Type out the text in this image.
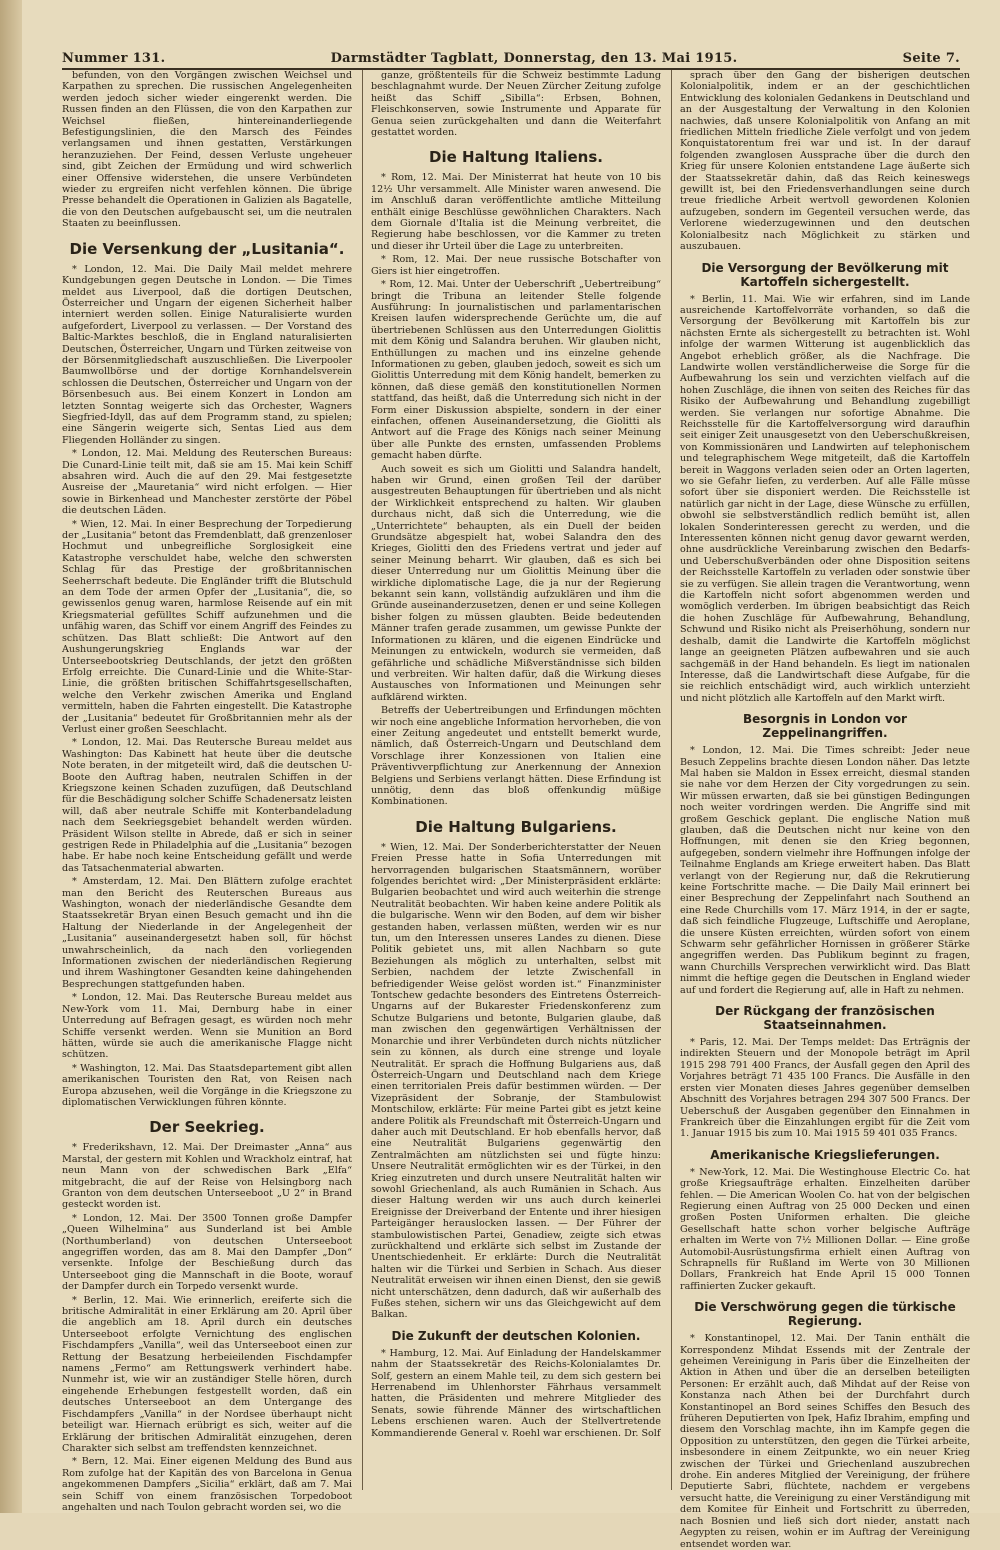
Nummer 131.	Darmstädter Tagblatt, Donnerstag, den 13. Mai 1915.	Seite 7.

befunden, von den Vorgängen zwischen Weichsel und Karpathen zu sprechen. Die russischen Angelegenheiten werden jedoch sicher wieder eingerenkt werden. Die Russen finden an den Flüssen, die von den Karpathen zur Weichsel fließen, hintereinanderliegende Befestigungslinien, die den Marsch des Feindes verlangsamen und ihnen gestatten, Verstärkungen heranzuziehen. Der Feind, dessen Verluste ungeheuer sind, gibt Zeichen der Ermüdung und wird schwerlich einer Offensive widerstehen, die unsere Verbündeten wieder zu ergreifen nicht verfehlen können. Die übrige Presse behandelt die Operationen in Galizien als Bagatelle, die von den Deutschen aufgebauscht sei, um die neutralen Staaten zu beeinflussen.

Die Versenkung der „Lusitania“.

* London, 12. Mai. Die Daily Mail meldet mehrere Kundgebungen gegen Deutsche in London. — Die Times meldet aus Liverpool, daß die dortigen Deutschen, Österreicher und Ungarn der eigenen Sicherheit halber interniert werden sollen. Einige Naturalisierte wurden aufgefordert, Liverpool zu verlassen. — Der Vorstand des Baltic-Marktes beschloß, die in England naturalisierten Deutschen, Österreicher, Ungarn und Türken zeitweise von der Börsenmitgliedschaft auszuschließen. Die Liverpooler Baumwollbörse und der dortige Kornhandelsverein schlossen die Deutschen, Österreicher und Ungarn von der Börsenbesuch aus. Bei einem Konzert in London am letzten Sonntag weigerte sich das Orchester, Wagners Siegfried-Idyll, das auf dem Programm stand, zu spielen; eine Sängerin weigerte sich, Sentas Lied aus dem Fliegenden Holländer zu singen.

* London, 12. Mai. Meldung des Reuterschen Bureaus: Die Cunard-Linie teilt mit, daß sie am 15. Mai kein Schiff absahren wird. Auch die auf den 29. Mai festgesetzte Ausreise der „Mauretania“ wird nicht erfolgen. — Hier sowie in Birkenhead und Manchester zerstörte der Pöbel die deutschen Läden.

* Wien, 12. Mai. In einer Besprechung der Torpedierung der „Lusitania“ betont das Fremdenblatt, daß grenzenloser Hochmut und unbegreifliche Sorglosigkeit eine Katastrophe verschuldet habe, welche den schwersten Schlag für das Prestige der großbritannischen Seeherrschaft bedeute. Die Engländer trifft die Blutschuld an dem Tode der armen Opfer der „Lusitania“, die, so gewissenlos genug waren, harmlose Reisende auf ein mit Kriegsmaterial gefülltes Schiff aufzunehmen und die unfähig waren, das Schiff vor einem Angriff des Feindes zu schützen. Das Blatt schließt: Die Antwort auf den Aushungerungskrieg Englands war der Unterseebootskrieg Deutschlands, der jetzt den größten Erfolg erreichte. Die Cunard-Linie und die White-Star-Linie, die größten britischen Schiffahrtsgesellschaften, welche den Verkehr zwischen Amerika und England vermitteln, haben die Fahrten eingestellt. Die Katastrophe der „Lusitania“ bedeutet für Großbritannien mehr als der Verlust einer großen Seeschlacht.

* London, 12. Mai. Das Reutersche Bureau meldet aus Washington: Das Kabinett hat heute über die deutsche Note beraten, in der mitgeteilt wird, daß die deutschen U-Boote den Auftrag haben, neutralen Schiffen in der Kriegszone keinen Schaden zuzufügen, daß Deutschland für die Beschädigung solcher Schiffe Schadenersatz leisten will, daß aber neutrale Schiffe mit Konterbandeladung nach dem Seekriegsgebiet behandelt werden würden. Präsident Wilson stellte in Abrede, daß er sich in seiner gestrigen Rede in Philadelphia auf die „Lusitania“ bezogen habe. Er habe noch keine Entscheidung gefällt und werde das Tatsachenmaterial abwarten.

* Amsterdam, 12. Mai. Den Blättern zufolge erachtet man den Bericht des Reuterschen Bureaus aus Washington, wonach der niederländische Gesandte dem Staatssekretär Bryan einen Besuch gemacht und ihn die Haltung der Niederlande in der Angelegenheit der „Lusitania“ auseinandergesetzt haben soll, für höchst unwahrscheinlich, da nach den vorliegenden Informationen zwischen der niederländischen Regierung und ihrem Washingtoner Gesandten keine dahingehenden Besprechungen stattgefunden haben.

* London, 12. Mai. Das Reutersche Bureau meldet aus New-York vom 11. Mai, Dernburg habe in einer Unterredung auf Befragen gesagt, es würden noch mehr Schiffe versenkt werden. Wenn sie Munition an Bord hätten, würde sie auch die amerikanische Flagge nicht schützen.

* Washington, 12. Mai. Das Staatsdepartement gibt allen amerikanischen Touristen den Rat, von Reisen nach Europa abzusehen, weil die Vorgänge in die Kriegszone zu diplomatischen Verwicklungen führen könnte.

Der Seekrieg.

* Frederikshavn, 12. Mai. Der Dreimaster „Anna“ aus Marstal, der gestern mit Kohlen und Wrackholz eintraf, hat neun Mann von der schwedischen Bark „Elfa“ mitgebracht, die auf der Reise von Helsingborg nach Granton von dem deutschen Unterseeboot „U 2“ in Brand gesteckt worden ist.

* London, 12. Mai. Der 3500 Tonnen große Dampfer „Queen Wilhelmina“ aus Sunderland ist bei Amble (Northumberland) von deutschen Unterseeboot angegriffen worden, das am 8. Mai den Dampfer „Don“ versenkte. Infolge der Beschießung durch das Unterseeboot ging die Mannschaft in die Boote, worauf der Dampfer durch ein Torpedo versenkt wurde.

* Berlin, 12. Mai. Wie erinnerlich, ereiferte sich die britische Admiralität in einer Erklärung am 20. April über die angeblich am 18. April durch ein deutsches Unterseeboot erfolgte Vernichtung des englischen Fischdampfers „Vanilla“, weil das Unterseeboot einen zur Rettung der Besatzung herbeieilenden Fischdampfer namens „Fermo“ am Rettungswerk verhindert habe. Nunmehr ist, wie wir an zuständiger Stelle hören, durch eingehende Erhebungen festgestellt worden, daß ein deutsches Unterseeboot an dem Untergange des Fischdampfers „Vanilla“ in der Nordsee überhaupt nicht beteiligt war. Hiernach erübrigt es sich, weiter auf die Erklärung der britischen Admiralität einzugehen, deren Charakter sich selbst am treffendsten kennzeichnet.

* Bern, 12. Mai. Einer eigenen Meldung des Bund aus Rom zufolge hat der Kapitän des von Barcelona in Genua angekommenen Dampfers „Sicilia“ erklärt, daß am 7. Mai sein Schiff von einem französischen Torpedoboot angehalten und nach Toulon gebracht worden sei, wo die

ganze, größtenteils für die Schweiz bestimmte Ladung beschlagnahmt wurde. Der Neuen Zürcher Zeitung zufolge heißt das Schiff „Sibilla“: Erbsen, Bohnen, Fleischkonserven, sowie Instrumente und Apparate für Genua seien zurückgehalten und dann die Weiterfahrt gestattet worden.

Die Haltung Italiens.

* Rom, 12. Mai. Der Ministerrat hat heute von 10 bis 12½ Uhr versammelt. Alle Minister waren anwesend. Die im Anschluß daran veröffentlichte amtliche Mitteilung enthält einige Beschlüsse gewöhnlichen Charakters. Nach dem Giornale d'Italia ist die Meinung verbreitet, die Regierung habe beschlossen, vor die Kammer zu treten und dieser ihr Urteil über die Lage zu unterbreiten.

* Rom, 12. Mai. Der neue russische Botschafter von Giers ist hier eingetroffen.

* Rom, 12. Mai. Unter der Ueberschrift „Uebertreibung“ bringt die Tribuna an leitender Stelle folgende Ausführung: In journalistischen und parlamentarischen Kreisen laufen widersprechende Gerüchte um, die auf übertriebenen Schlüssen aus den Unterredungen Giolittis mit dem König und Salandra beruhen. Wir glauben nicht, Enthüllungen zu machen und ins einzelne gehende Informationen zu geben, glauben jedoch, soweit es sich um Giolittis Unterredung mit dem König handelt, bemerken zu können, daß diese gemäß den konstitutionellen Normen stattfand, das heißt, daß die Unterredung sich nicht in der Form einer Diskussion abspielte, sondern in der einer einfachen, offenen Auseinandersetzung, die Giolitti als Antwort auf die Frage des Königs nach seiner Meinung über alle Punkte des ernsten, umfassenden Problems gemacht haben dürfte.

Auch soweit es sich um Giolitti und Salandra handelt, haben wir Grund, einen großen Teil der darüber ausgestreuten Behauptungen für übertrieben und als nicht der Wirklichkeit entsprechend zu halten. Wir glauben durchaus nicht, daß sich die Unterredung, wie die „Unterrichtete“ behaupten, als ein Duell der beiden Grundsätze abgespielt hat, wobei Salandra den des Krieges, Giolitti den des Friedens vertrat und jeder auf seiner Meinung beharrt. Wir glauben, daß es sich bei dieser Unterredung nur um Giolittis Meinung über die wirkliche diplomatische Lage, die ja nur der Regierung bekannt sein kann, vollständig aufzuklären und ihm die Gründe auseinanderzusetzen, denen er und seine Kollegen bisher folgen zu müssen glaubten. Beide bedeutenden Männer trafen gerade zusammen, um gewisse Punkte der Informationen zu klären, und die eigenen Eindrücke und Meinungen zu entwickeln, wodurch sie vermeiden, daß gefährliche und schädliche Mißverständnisse sich bilden und verbreiten. Wir halten dafür, daß die Wirkung dieses Austausches von Informationen und Meinungen sehr aufklärend wirkten.

Betreffs der Uebertreibungen und Erfindungen möchten wir noch eine angebliche Information hervorheben, die von einer Zeitung angedeutet und entstellt bemerkt wurde, nämlich, daß Österreich-Ungarn und Deutschland dem Vorschlage ihrer Konzessionen von Italien eine Präventivverpflichtung zur Anerkennung der Annexion Belgiens und Serbiens verlangt hätten. Diese Erfindung ist unnötig, denn das bloß offenkundig müßige Kombinationen.

Die Haltung Bulgariens.

* Wien, 12. Mai. Der Sonderberichterstatter der Neuen Freien Presse hatte in Sofia Unterredungen mit hervorragenden bulgarischen Staatsmännern, worüber folgendes berichtet wird: „Der Ministerpräsident erklärte: Bulgarien beobachtet und wird auch weiterhin die strenge Neutralität beobachten. Wir haben keine andere Politik als die bulgarische. Wenn wir den Boden, auf dem wir bisher gestanden haben, verlassen müßten, werden wir es nur tun, um den Interessen unseres Landes zu dienen. Diese Politik gebietet uns, mit allen Nachbarn so gute Beziehungen als möglich zu unterhalten, selbst mit Serbien, nachdem der letzte Zwischenfall in befriedigender Weise gelöst worden ist.“ Finanzminister Tontschew gedachte besonders des Eintretens Österreich-Ungarns auf der Bukarester Friedenskonferenz zum Schutze Bulgariens und betonte, Bulgarien glaube, daß man zwischen den gegenwärtigen Verhältnissen der Monarchie und ihrer Verbündeten durch nichts nützlicher sein zu können, als durch eine strenge und loyale Neutralität. Er sprach die Hoffnung Bulgariens aus, daß Österreich-Ungarn und Deutschland nach dem Kriege einen territorialen Preis dafür bestimmen würden. — Der Vizepräsident der Sobranje, der Stambulowist Montschilow, erklärte: Für meine Partei gibt es jetzt keine andere Politik als Freundschaft mit Österreich-Ungarn und daher auch mit Deutschland. Er hob ebenfalls hervor, daß eine Neutralität Bulgariens gegenwärtig den Zentralmächten am nützlichsten sei und fügte hinzu: Unsere Neutralität ermöglichten wir es der Türkei, in den Krieg einzutreten und durch unsere Neutralität halten wir sowohl Griechenland, als auch Rumänien in Schach. Aus dieser Haltung werden wir uns auch durch keinerlei Ereignisse der Dreiverband der Entente und ihrer hiesigen Parteigänger herauslocken lassen. — Der Führer der stambulowistischen Partei, Genadiew, zeigte sich etwas zurückhaltend und erklärte sich selbst im Zustande der Unentschiedenheit. Er erklärte: Durch die Neutralität halten wir die Türkei und Serbien in Schach. Aus dieser Neutralität erweisen wir ihnen einen Dienst, den sie gewiß nicht unterschätzen, denn dadurch, daß wir außerhalb des Fußes stehen, sichern wir uns das Gleichgewicht auf dem Balkan.

Die Zukunft der deutschen Kolonien.

* Hamburg, 12. Mai. Auf Einladung der Handelskammer nahm der Staatssekretär des Reichs-Kolonialamtes Dr. Solf, gestern an einem Mahle teil, zu dem sich gestern bei Herrenabend im Uhlenhorster Fährhaus versammelt hatten, die Präsidenten und mehrere Mitglieder des Senats, sowie führende Männer des wirtschaftlichen Lebens erschienen waren. Auch der Stellvertretende Kommandierende General v. Roehl war erschienen. Dr. Solf

sprach über den Gang der bisherigen deutschen Kolonialpolitik, indem er an der geschichtlichen Entwicklung des kolonialen Gedankens in Deutschland und an der Ausgestaltung der Verwaltung in den Kolonien nachwies, daß unsere Kolonialpolitik von Anfang an mit friedlichen Mitteln friedliche Ziele verfolgt und von jedem Konquistatorentum frei war und ist. In der darauf folgenden zwanglosen Aussprache über die durch den Krieg für unsere Kolonien entstandene Lage äußerte sich der Staatssekretär dahin, daß das Reich keineswegs gewillt ist, bei den Friedensverhandlungen seine durch treue friedliche Arbeit wertvoll gewordenen Kolonien aufzugeben, sondern im Gegenteil versuchen werde, das Verlorene wiederzugewinnen und den deutschen Kolonialbesitz nach Möglichkeit zu stärken und auszubauen.

Die Versorgung der Bevölkerung mit Kartoffeln sichergestellt.

* Berlin, 11. Mai. Wie wir erfahren, sind im Lande ausreichende Kartoffelvorräte vorhanden, so daß die Versorgung der Bevölkerung mit Kartoffeln bis zur nächsten Ernte als sichergestellt zu betrachten ist. Wohl infolge der warmen Witterung ist augenblicklich das Angebot erheblich größer, als die Nachfrage. Die Landwirte wollen verständlicherweise die Sorge für die Aufbewahrung los sein und verzichten vielfach auf die hohen Zuschläge, die ihnen von seiten des Reiches für das Risiko der Aufbewahrung und Behandlung zugebilligt werden. Sie verlangen nur sofortige Abnahme. Die Reichsstelle für die Kartoffelversorgung wird daraufhin seit einiger Zeit unausgesetzt von den Ueberschußkreisen, von Kommissionären und Landwirten auf telephonischem und telegraphischem Wege mitgeteilt, daß die Kartoffeln bereit in Waggons verladen seien oder an Orten lagerten, wo sie Gefahr liefen, zu verderben. Auf alle Fälle müsse sofort über sie disponiert werden. Die Reichsstelle ist natürlich gar nicht in der Lage, diese Wünsche zu erfüllen, obwohl sie selbstverständlich redlich bemüht ist, allen lokalen Sonderinteressen gerecht zu werden, und die Interessenten können nicht genug davor gewarnt werden, ohne ausdrückliche Vereinbarung zwischen den Bedarfs- und Ueberschußverbänden oder ohne Disposition seitens der Reichsstelle Kartoffeln zu verladen oder sonstwie über sie zu verfügen. Sie allein tragen die Verantwortung, wenn die Kartoffeln nicht sofort abgenommen werden und womöglich verderben. Im übrigen beabsichtigt das Reich die hohen Zuschläge für Aufbewahrung, Behandlung, Schwund und Risiko nicht als Preiserhöhung, sondern nur deshalb, damit die Landwirte die Kartoffeln möglichst lange an geeigneten Plätzen aufbewahren und sie auch sachgemäß in der Hand behandeln. Es liegt im nationalen Interesse, daß die Landwirtschaft diese Aufgabe, für die sie reichlich entschädigt wird, auch wirklich unterzieht und nicht plötzlich alle Kartoffeln auf den Markt wirft.

Besorgnis in London vor Zeppelinangriffen.

* London, 12. Mai. Die Times schreibt: Jeder neue Besuch Zeppelins brachte diesen London näher. Das letzte Mal haben sie Maldon in Essex erreicht, diesmal standen sie nahe vor dem Herzen der City vorgedrungen zu sein. Wir müssen erwarten, daß sie bei günstigen Bedingungen noch weiter vordringen werden. Die Angriffe sind mit großem Geschick geplant. Die englische Nation muß glauben, daß die Deutschen nicht nur keine von den Hoffnungen, mit denen sie den Krieg begonnen, aufgegeben, sondern vielmehr ihre Hoffnungen infolge der Teilnahme Englands am Kriege erweitert haben. Das Blatt verlangt von der Regierung nur, daß die Rekrutierung keine Fortschritte mache. — Die Daily Mail erinnert bei einer Besprechung der Zeppelinfahrt nach Southend an eine Rede Churchills vom 17. März 1914, in der er sagte, daß sich feindliche Flugzeuge, Luftschiffe und Aeroplane, die unsere Küsten erreichten, würden sofort von einem Schwarm sehr gefährlicher Hornissen in größerer Stärke angegriffen werden. Das Publikum beginnt zu fragen, wann Churchills Versprechen verwirklicht wird. Das Blatt nimmt die heftige gegen die Deutschen in England wieder auf und fordert die Regierung auf, alle in Haft zu nehmen.

Der Rückgang der französischen Staatseinnahmen.

* Paris, 12. Mai. Der Temps meldet: Das Erträgnis der indirekten Steuern und der Monopole beträgt im April 1915 298 791 400 Francs, der Ausfall gegen den April des Vorjahres beträgt 71 435 100 Francs. Die Ausfälle in den ersten vier Monaten dieses Jahres gegenüber demselben Abschnitt des Vorjahres betragen 294 307 500 Francs. Der Ueberschuß der Ausgaben gegenüber den Einnahmen in Frankreich über die Einzahlungen ergibt für die Zeit vom 1. Januar 1915 bis zum 10. Mai 1915 59 401 035 Francs.

Amerikanische Kriegslieferungen.

* New-York, 12. Mai. Die Westinghouse Electric Co. hat große Kriegsaufträge erhalten. Einzelheiten darüber fehlen. — Die American Woolen Co. hat von der belgischen Regierung einen Auftrag von 25 000 Decken und einen großen Posten Uniformen erhalten. Die gleiche Gesellschaft hatte schon vorher belgische Aufträge erhalten im Werte von 7½ Millionen Dollar. — Eine große Automobil-Ausrüstungsfirma erhielt einen Auftrag von Schrapnells für Rußland im Werte von 30 Millionen Dollars, Frankreich hat Ende April 15 000 Tonnen raffinierten Zucker gekauft.

Die Verschwörung gegen die türkische Regierung.

* Konstantinopel, 12. Mai. Der Tanin enthält die Korrespondenz Mihdat Essends mit der Zentrale der geheimen Vereinigung in Paris über die Einzelheiten der Aktion in Athen und über die an derselben beteiligten Personen: Er erzählt auch, daß Mihdat auf der Reise von Konstanza nach Athen bei der Durchfahrt durch Konstantinopel an Bord seines Schiffes den Besuch des früheren Deputierten von Ipek, Hafiz Ibrahim, empfing und diesem den Vorschlag machte, ihn im Kampfe gegen die Opposition zu unterstützen, den gegen die Türkei arbeite, insbesondere in einem Zeitpunkte, wo ein neuer Krieg zwischen der Türkei und Griechenland auszubrechen drohe. Ein anderes Mitglied der Vereinigung, der frühere Deputierte Sabri, flüchtete, nachdem er vergebens versucht hatte, die Vereinigung zu einer Verständigung mit dem Komitee für Einheit und Fortschritt zu überreden, nach Bosnien und ließ sich dort nieder, anstatt nach Aegypten zu reisen, wohin er im Auftrag der Vereinigung entsendet worden war.
